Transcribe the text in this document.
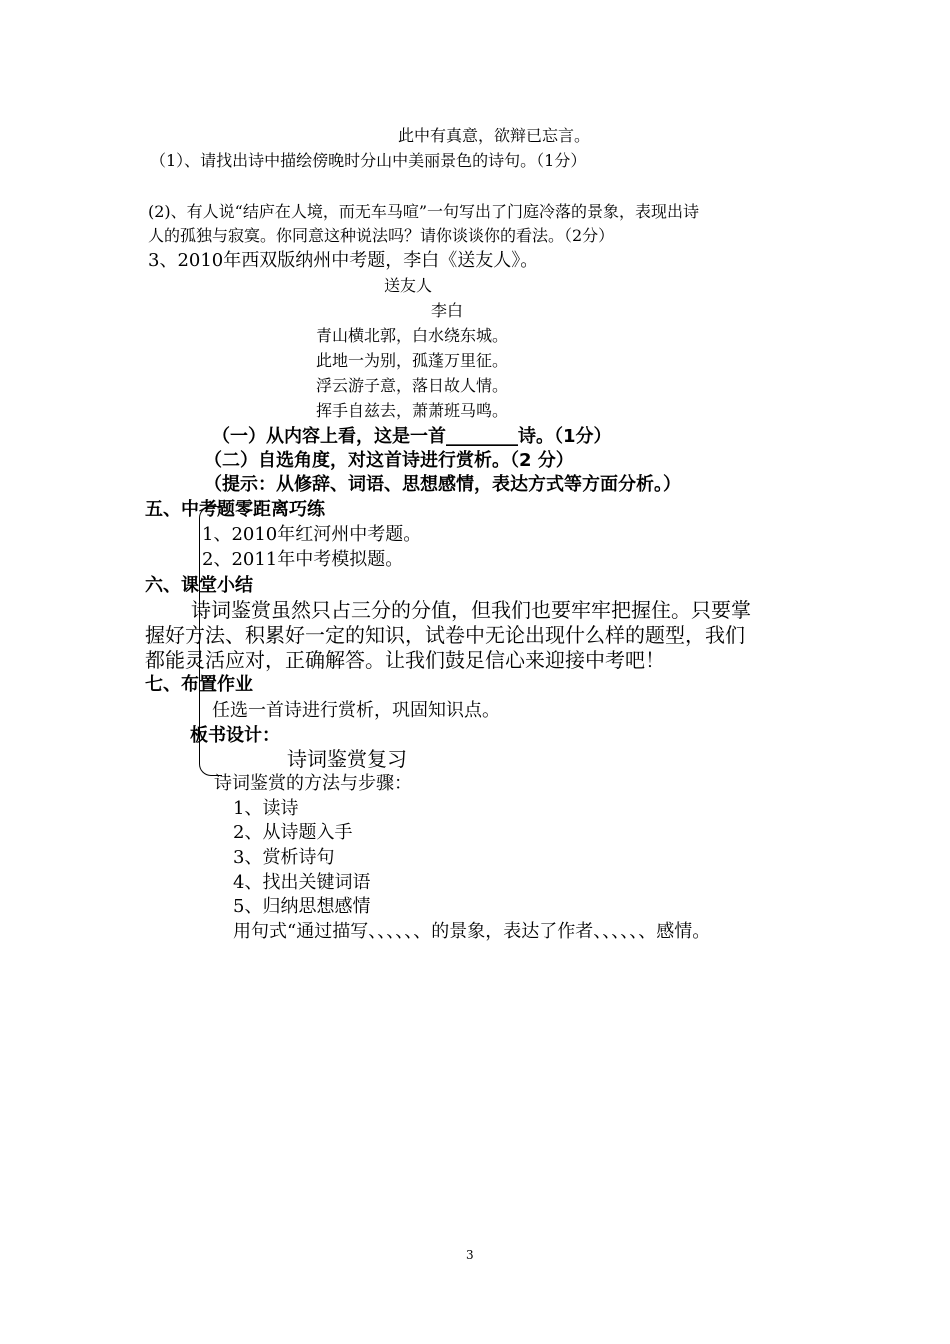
此中有真意，欲辩已忘言。
（1）、请找出诗中描绘傍晚时分山中美丽景色的诗句。（1分）
(2)、有人说“结庐在人境，而无车马喧”一句写出了门庭冷落的景象，表现出诗
人的孤独与寂寞。你同意这种说法吗？请你谈谈你的看法。（2分）
3、2010年西双版纳州中考题，李白《送友人》。
送友人
李白
青山横北郭，白水绕东城。
此地一为别，孤蓬万里征。
浮云游子意，落日故人情。
挥手自兹去，萧萧班马鸣。
（一）从内容上看，这是一首________诗。（1分）
（二）自选角度，对这首诗进行赏析。（2 分）
（提示：从修辞、词语、思想感情，表达方式等方面分析。）
五、中考题零距离巧练
1、2010年红河州中考题。
2、2011年中考模拟题。
六、课堂小结
诗词鉴赏虽然只占三分的分值，但我们也要牢牢把握住。只要掌
握好方法、积累好一定的知识，试卷中无论出现什么样的题型，我们
都能灵活应对，正确解答。让我们鼓足信心来迎接中考吧！
七、布置作业
任选一首诗进行赏析，巩固知识点。
板书设计：
诗词鉴赏复习
诗词鉴赏的方法与步骤：
1、读诗
2、从诗题入手
3、赏析诗句
4、找出关键词语
5、归纳思想感情
用句式“通过描写、、、、、、的景象，表达了作者、、、、、、感情。
3
